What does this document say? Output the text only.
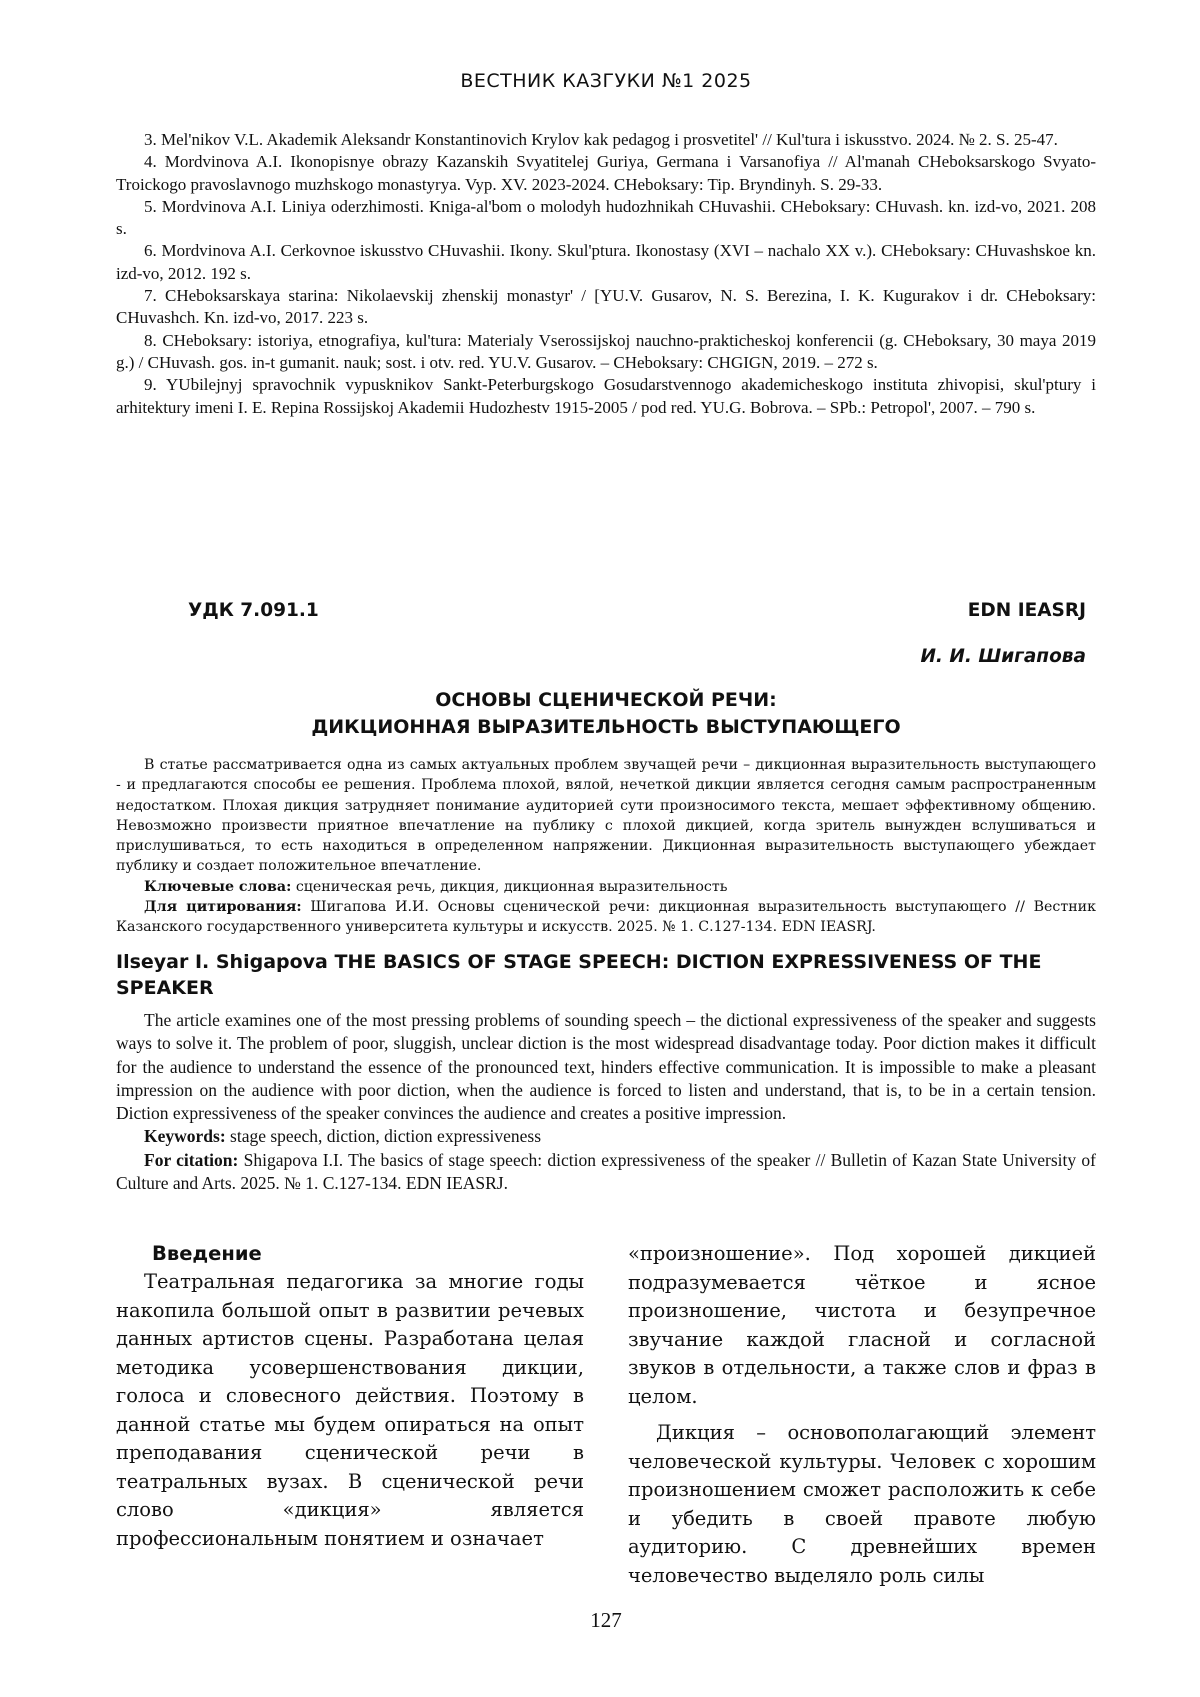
ВЕСТНИК КАЗГУКИ №1 2025

3. Mel'nikov V.L. Akademik Aleksandr Konstantinovich Krylov kak pedagog i prosvetitel' // Kul'tura i iskusstvo. 2024. № 2. S. 25-47.

4. Mordvinova A.I. Ikonopisnye obrazy Kazanskih Svyatitelej Guriya, Germana i Varsanofiya // Al'manah CHeboksarskogo Svyato-Troickogo pravoslavnogo muzhskogo monastyrya. Vyp. XV. 2023-2024. CHeboksary: Tip. Bryndinyh. S. 29-33.

5. Mordvinova A.I. Liniya oderzhimosti. Kniga-al'bom o molodyh hudozhnikah CHuvashii. CHeboksary: CHuvash. kn. izd-vo, 2021. 208 s.

6. Mordvinova A.I. Cerkovnoe iskusstvo CHuvashii. Ikony. Skul'ptura. Ikonostasy (XVI – nachalo XX v.). CHeboksary: CHuvashskoe kn. izd-vo, 2012. 192 s.

7. CHeboksarskaya starina: Nikolaevskij zhenskij monastyr' / [YU.V. Gusarov, N. S. Berezina, I. K. Kugurakov i dr. CHeboksary: CHuvashch. Kn. izd-vo, 2017. 223 s.

8. CHeboksary: istoriya, etnografiya, kul'tura: Materialy Vserossijskoj nauchno-prakticheskoj konferencii (g. CHeboksary, 30 maya 2019 g.) / CHuvash. gos. in-t gumanit. nauk; sost. i otv. red. YU.V. Gusarov. – CHeboksary: CHGIGN, 2019. – 272 s.

9. YUbilejnyj spravochnik vypusknikov Sankt-Peterburgskogo Gosudarstvennogo akademicheskogo instituta zhivopisi, skul'ptury i arhitektury imeni I. E. Repina Rossijskoj Akademii Hudozhestv 1915-2005 / pod red. YU.G. Bobrova. – SPb.: Petropol', 2007. – 790 s.

УДК 7.091.1	EDN IEASRJ
И. И. Шигапова
ОСНОВЫ СЦЕНИЧЕСКОЙ РЕЧИ:
ДИКЦИОННАЯ ВЫРАЗИТЕЛЬНОСТЬ ВЫСТУПАЮЩЕГО

В статье рассматривается одна из самых актуальных проблем звучащей речи – дикционная выразительность выступающего - и предлагаются способы ее решения. Проблема плохой, вялой, нечеткой дикции является сегодня самым распространенным недостатком. Плохая дикция затрудняет понимание аудиторией сути произносимого текста, мешает эффективному общению. Невозможно произвести приятное впечатление на публику с плохой дикцией, когда зритель вынужден вслушиваться и прислушиваться, то есть находиться в определенном напряжении. Дикционная выразительность выступающего убеждает публику и создает положительное впечатление.

Ключевые слова: сценическая речь, дикция, дикционная выразительность

Для цитирования: Шигапова И.И. Основы сценической речи: дикционная выразительность выступающего // Вестник Казанского государственного университета культуры и искусств. 2025. № 1. С.127-134. EDN IEASRJ.

Ilseyar I. Shigapova THE BASICS OF STAGE SPEECH: DICTION EXPRESSIVENESS OF THE SPEAKER

The article examines one of the most pressing problems of sounding speech – the dictional expressiveness of the speaker and suggests ways to solve it. The problem of poor, sluggish, unclear diction is the most widespread disadvantage today. Poor diction makes it difficult for the audience to understand the essence of the pronounced text, hinders effective communication. It is impossible to make a pleasant impression on the audience with poor diction, when the audience is forced to listen and understand, that is, to be in a certain tension. Diction expressiveness of the speaker convinces the audience and creates a positive impression.

Keywords: stage speech, diction, diction expressiveness

For citation: Shigapova I.I. The basics of stage speech: diction expressiveness of the speaker // Bulletin of Kazan State University of Culture and Arts. 2025. № 1. C.127-134. EDN IEASRJ.

Введение

Театральная педагогика за многие годы накопила большой опыт в развитии речевых данных артистов сцены. Разработана целая методика усовершенствования дикции, голоса и словесного действия. Поэтому в данной статье мы будем опираться на опыт преподавания сценической речи в театральных вузах. В сценической речи слово «дикция» является профессиональным понятием и означает

«произношение». Под хорошей дикцией подразумевается чёткое и ясное произношение, чистота и безупречное звучание каждой гласной и согласной звуков в отдельности, а также слов и фраз в целом.

Дикция – основополагающий элемент человеческой культуры. Человек с хорошим произношением сможет расположить к себе и убедить в своей правоте любую аудиторию. С древнейших времен человечество выделяло роль силы

127
